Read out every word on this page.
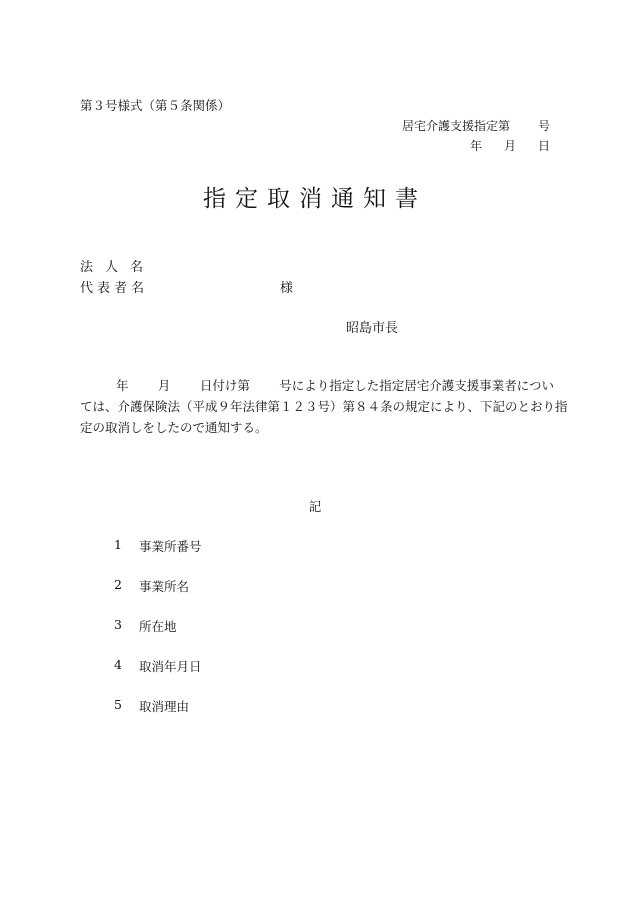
第３号様式（第５条関係）
居宅介護支援指定第 号
年 月 日
指定取消通知書
法人名
代表者名	様
昭島市長
年 月 日付け第 号により指定した指定居宅介護支援事業者につい
ては、介護保険法（平成９年法律第１２３号）第８４条の規定により、下記のとおり指
定の取消しをしたので通知する。
記
1	事業所番号
2	事業所名
3	所在地
4	取消年月日
5	取消理由
